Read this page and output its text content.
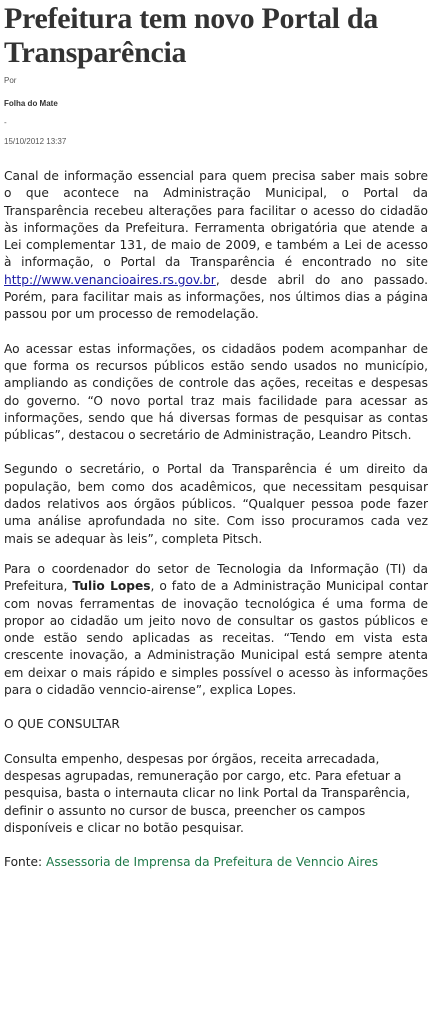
Prefeitura tem novo Portal da Transparência
Por
Folha do Mate
-
15/10/2012 13:37

Canal de informação essencial para quem precisa saber mais sobre o que acontece na Administração Municipal, o Portal da Transparência recebeu alterações para facilitar o acesso do cidadão às informações da Prefeitura. Ferramenta obrigatória que atende a Lei complementar 131, de maio de 2009, e também a Lei de acesso à informação, o Portal da Transparência é encontrado no site http://www.venancioaires.rs.gov.br, desde abril do ano passado. Porém, para facilitar mais as informações, nos últimos dias a página passou por um processo de remodelação.

Ao acessar estas informações, os cidadãos podem acompanhar de que forma os recursos públicos estão sendo usados no município, ampliando as condições de controle das ações, receitas e despesas do governo. “O novo portal traz mais facilidade para acessar as informações, sendo que há diversas formas de pesquisar as contas públicas”, destacou o secretário de Administração, Leandro Pitsch.

Segundo o secretário, o Portal da Transparência é um direito da população, bem como dos acadêmicos, que necessitam pesquisar dados relativos aos órgãos públicos. “Qualquer pessoa pode fazer uma análise aprofundada no site. Com isso procuramos cada vez mais se adequar às leis”, completa Pitsch.

Para o coordenador do setor de Tecnologia da Informação (TI) da Prefeitura, Tulio Lopes, o fato de a Administração Municipal contar com novas ferramentas de inovação tecnológica é uma forma de propor ao cidadão um jeito novo de consultar os gastos públicos e onde estão sendo aplicadas as receitas. “Tendo em vista esta crescente inovação, a Administração Municipal está sempre atenta em deixar o mais rápido e simples possível o acesso às informações para o cidadão venncio-airense”, explica Lopes.

O QUE CONSULTAR

Consulta empenho, despesas por órgãos, receita arrecadada, despesas agrupadas, remuneração por cargo, etc. Para efetuar a pesquisa, basta o internauta clicar no link Portal da Transparência, definir o assunto no cursor de busca, preencher os campos disponíveis e clicar no botão pesquisar.

Fonte: Assessoria de Imprensa da Prefeitura de Venncio Aires
